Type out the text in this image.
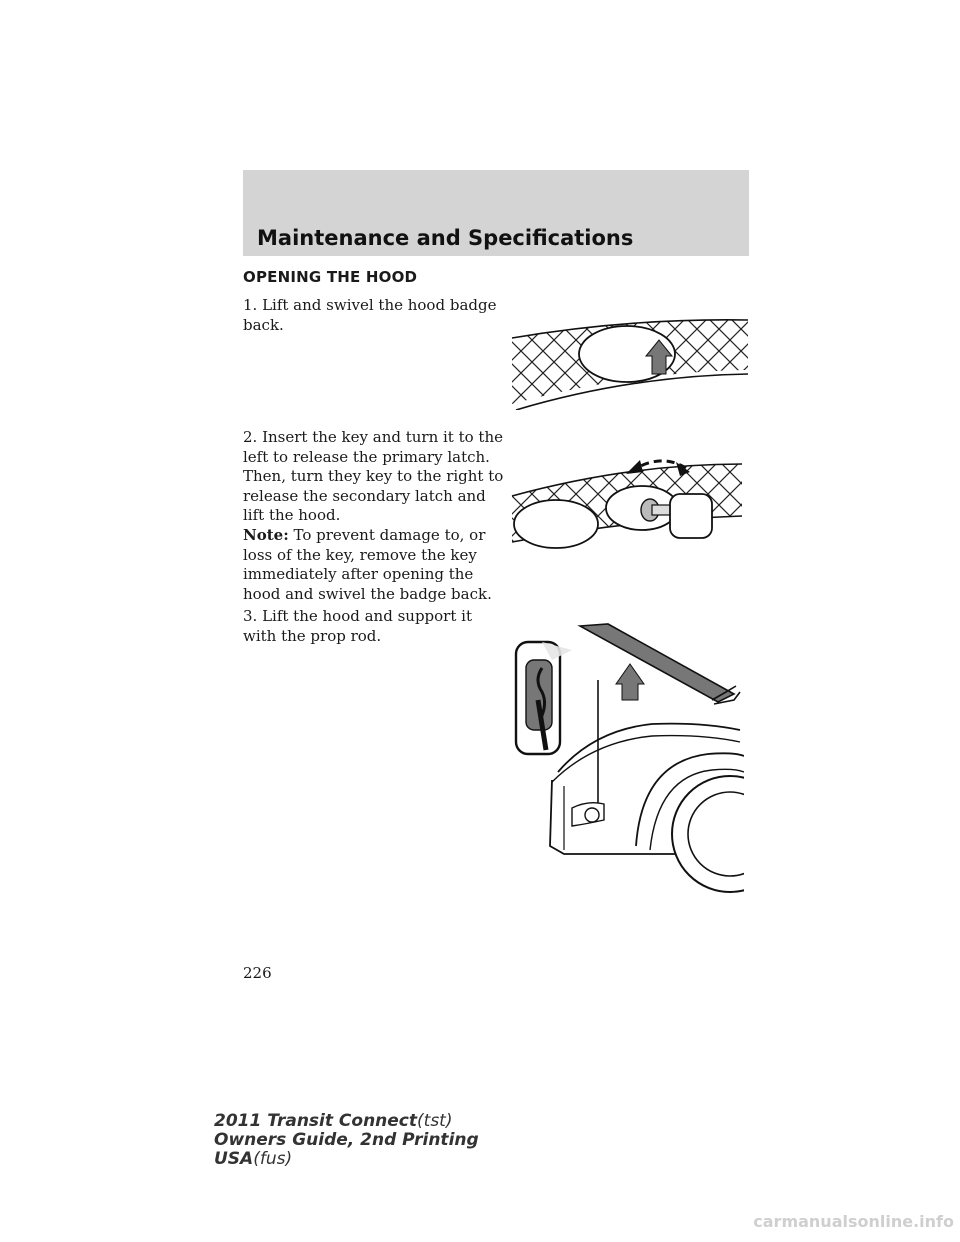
Maintenance and Specifications
OPENING THE HOOD
1. Lift and swivel the hood badge back.
2. Insert the key and turn it to the left to release the primary latch. Then, turn they key to the right to release the secondary latch and lift the hood.
Note: To prevent damage to, or loss of the key, remove the key immediately after opening the hood and swivel the badge back.
3. Lift the hood and support it with the prop rod.
226
2011 Transit Connect(tst)
Owners Guide, 2nd Printing
USA(fus)
carmanualsonline.info
